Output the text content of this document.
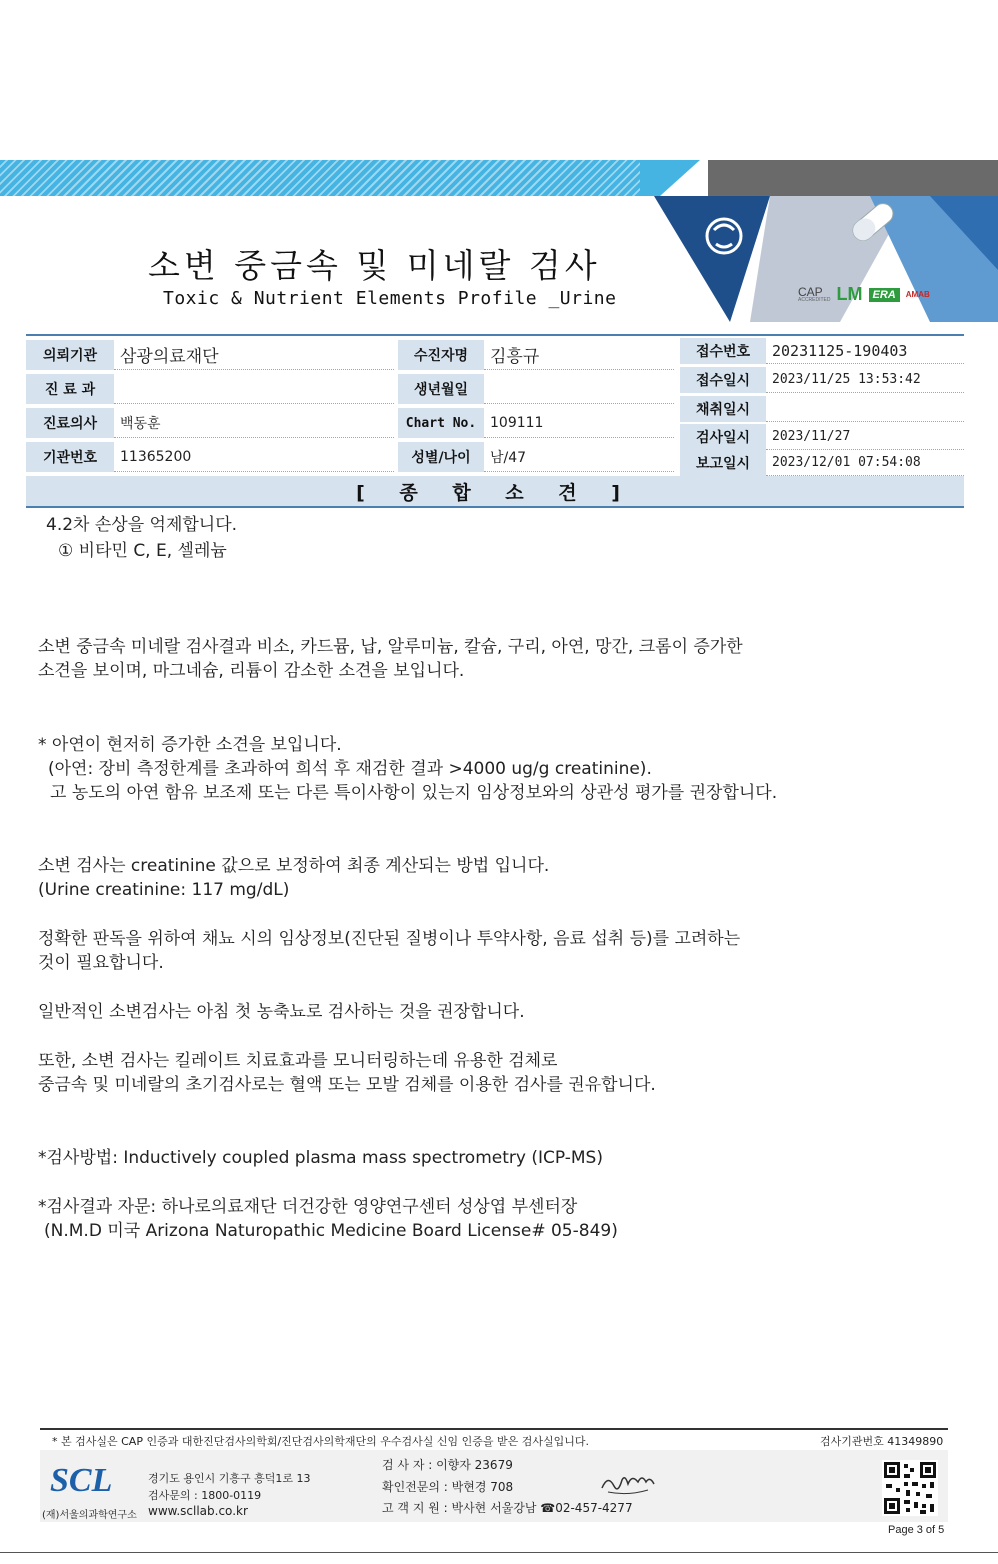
소변 중금속 및 미네랄 검사
Toxic & Nutrient Elements Profile _Urine	CAP
ACCREDITED LM ERA	AMAB
의뢰기관	삼광의료재단
진 료 과
진료의사	백동훈
기관번호	11365200
수진자명	김흥규
생년월일
Chart No. 109111
성별/나이	남/47
접수번호	20231125-190403
접수일시	2023/11/25 13:53:42
채취일시
검사일시	2023/11/27
보고일시	2023/12/01 07:54:08
[ 종 합 소 견 ]
4.2차 손상을 억제합니다.
① 비타민 C, E, 셀레늄
소변 중금속 미네랄 검사결과 비소, 카드뮴, 납, 알루미늄, 칼슘, 구리, 아연, 망간, 크롬이 증가한
소견을 보이며, 마그네슘, 리튬이 감소한 소견을 보입니다.
* 아연이 현저히 증가한 소견을 보입니다.
(아연: 장비 측정한계를 초과하여 희석 후 재검한 결과 >4000 ug/g creatinine).
고 농도의 아연 함유 보조제 또는 다른 특이사항이 있는지 임상정보와의 상관성 평가를 권장합니다.
소변 검사는 creatinine 값으로 보정하여 최종 계산되는 방법 입니다.
(Urine creatinine: 117 mg/dL)
정확한 판독을 위하여 채뇨 시의 임상정보(진단된 질병이나 투약사항, 음료 섭취 등)를 고려하는
것이 필요합니다.
일반적인 소변검사는 아침 첫 농축뇨로 검사하는 것을 권장합니다.
또한, 소변 검사는 킬레이트 치료효과를 모니터링하는데 유용한 검체로
중금속 및 미네랄의 초기검사로는 혈액 또는 모발 검체를 이용한 검사를 권유합니다.
*검사방법: Inductively coupled plasma mass spectrometry (ICP-MS)
*검사결과 자문: 하나로의료재단 더건강한 영양연구센터 성상엽 부센터장
(N.M.D 미국 Arizona Naturopathic Medicine Board License# 05-849)
* 본 검사실은 CAP 인증과 대한진단검사의학회/진단검사의학재단의 우수검사실 신임 인증을 받은 검사실입니다.	검사기관번호 41349890
SCL
(재)서울의과학연구소
경기도 용인시 기흥구 흥덕1로 13
검사문의 : 1800-0119
www.scllab.co.kr
검 사 자 : 이향자 23679
확인전문의 : 박현경 708
고 객 지 원 : 박사현 서울강남 ☎02-457-4277
Page 3 of 5
